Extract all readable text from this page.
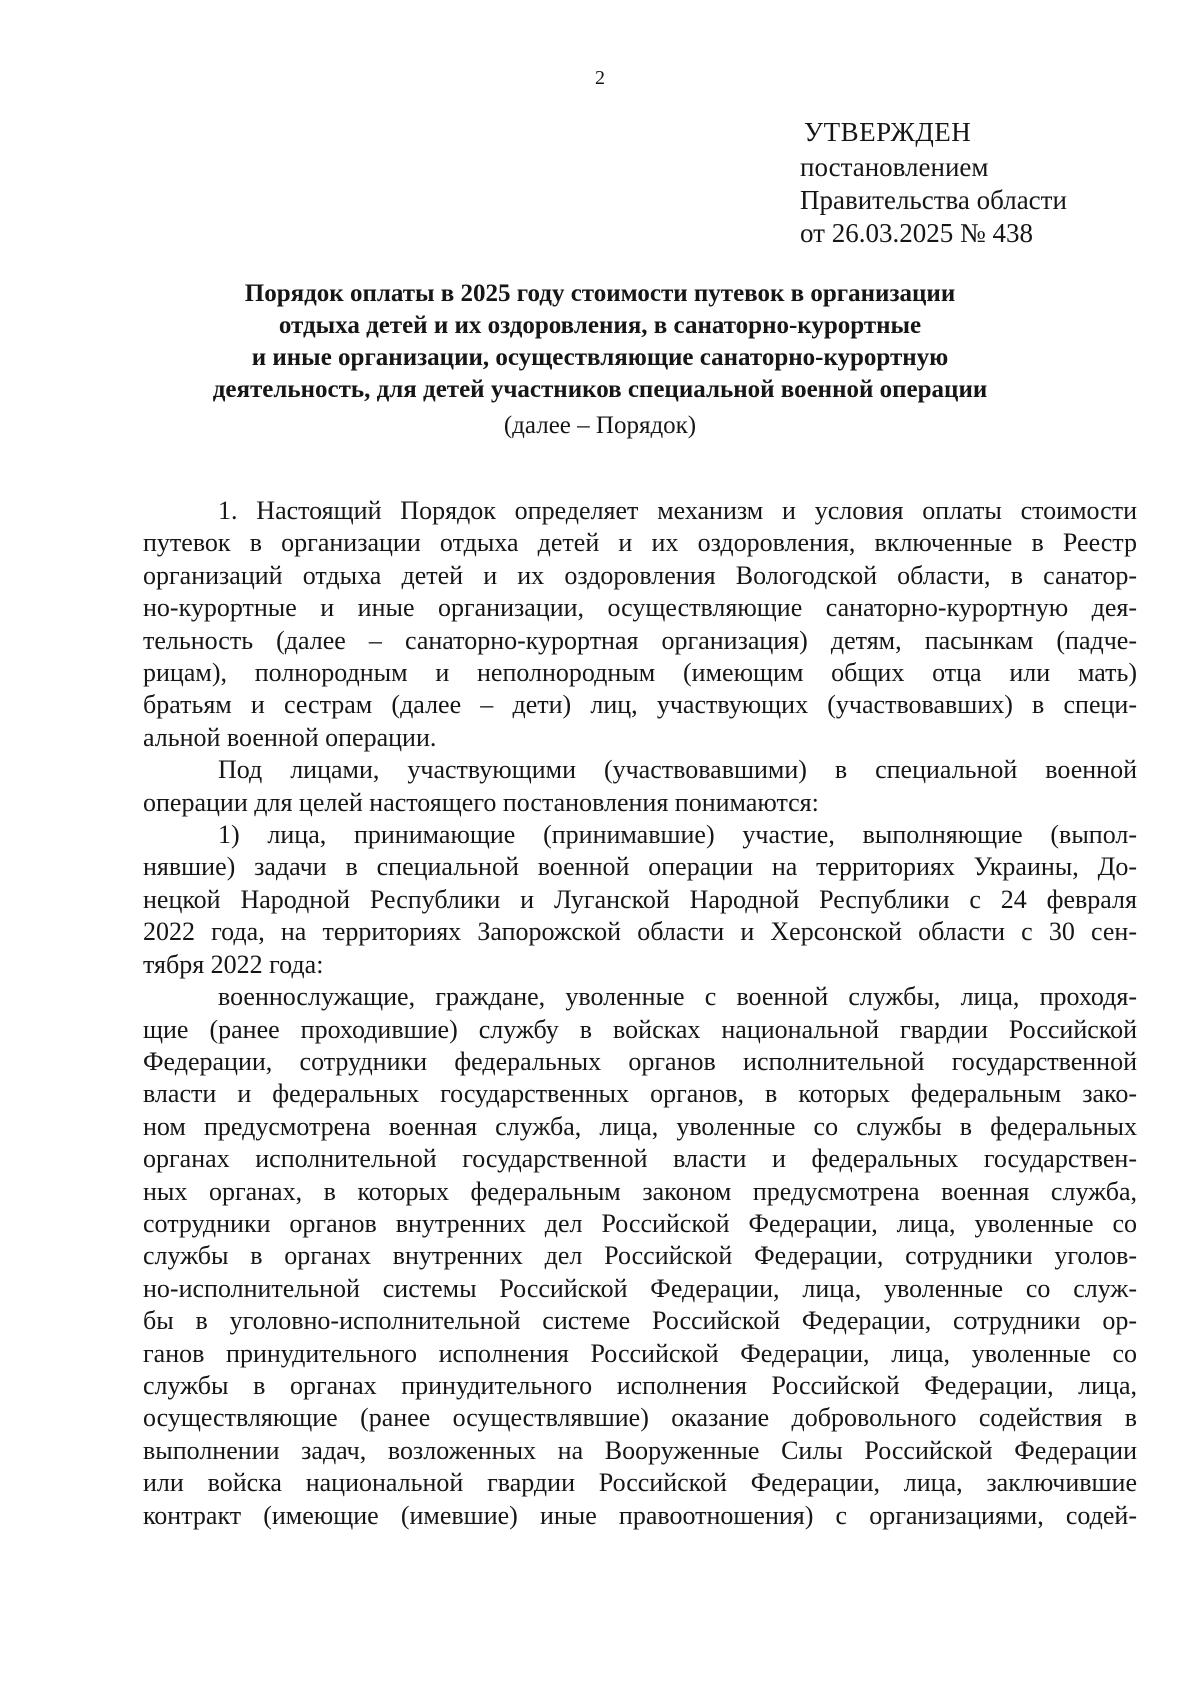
2
УТВЕРЖДЕН
постановлением
Правительства области
от 26.03.2025 № 438
Порядок оплаты в 2025 году стоимости путевок в организации
отдыха детей и их оздоровления, в санаторно-курортные
и иные организации, осуществляющие санаторно-курортную
деятельность, для детей участников специальной военной операции
(далее – Порядок)
1. Настоящий Порядок определяет механизм и условия оплаты стоимости
путевок в организации отдыха детей и их оздоровления, включенные в Реестр
организаций отдыха детей и их оздоровления Вологодской области, в санатор-
но-курортные и иные организации, осуществляющие санаторно-курортную дея-
тельность (далее – санаторно-курортная организация) детям, пасынкам (падче-
рицам), полнородным и неполнородным (имеющим общих отца или мать)
братьям и сестрам (далее – дети) лиц, участвующих (участвовавших) в специ-
альной военной операции.
Под лицами, участвующими (участвовавшими) в специальной военной
операции для целей настоящего постановления понимаются:
1) лица, принимающие (принимавшие) участие, выполняющие (выпол-
нявшие) задачи в специальной военной операции на территориях Украины, До-
нецкой Народной Республики и Луганской Народной Республики с 24 февраля
2022 года, на территориях Запорожской области и Херсонской области с 30 сен-
тября 2022 года:
военнослужащие, граждане, уволенные с военной службы, лица, проходя-
щие (ранее проходившие) службу в войсках национальной гвардии Российской
Федерации, сотрудники федеральных органов исполнительной государственной
власти и федеральных государственных органов, в которых федеральным зако-
ном предусмотрена военная служба, лица, уволенные со службы в федеральных
органах исполнительной государственной власти и федеральных государствен-
ных органах, в которых федеральным законом предусмотрена военная служба,
сотрудники органов внутренних дел Российской Федерации, лица, уволенные со
службы в органах внутренних дел Российской Федерации, сотрудники уголов-
но-исполнительной системы Российской Федерации, лица, уволенные со служ-
бы в уголовно-исполнительной системе Российской Федерации, сотрудники ор-
ганов принудительного исполнения Российской Федерации, лица, уволенные со
службы в органах принудительного исполнения Российской Федерации, лица,
осуществляющие (ранее осуществлявшие) оказание добровольного содействия в
выполнении задач, возложенных на Вооруженные Силы Российской Федерации
или войска национальной гвардии Российской Федерации, лица, заключившие
контракт (имеющие (имевшие) иные правоотношения) с организациями, содей-
